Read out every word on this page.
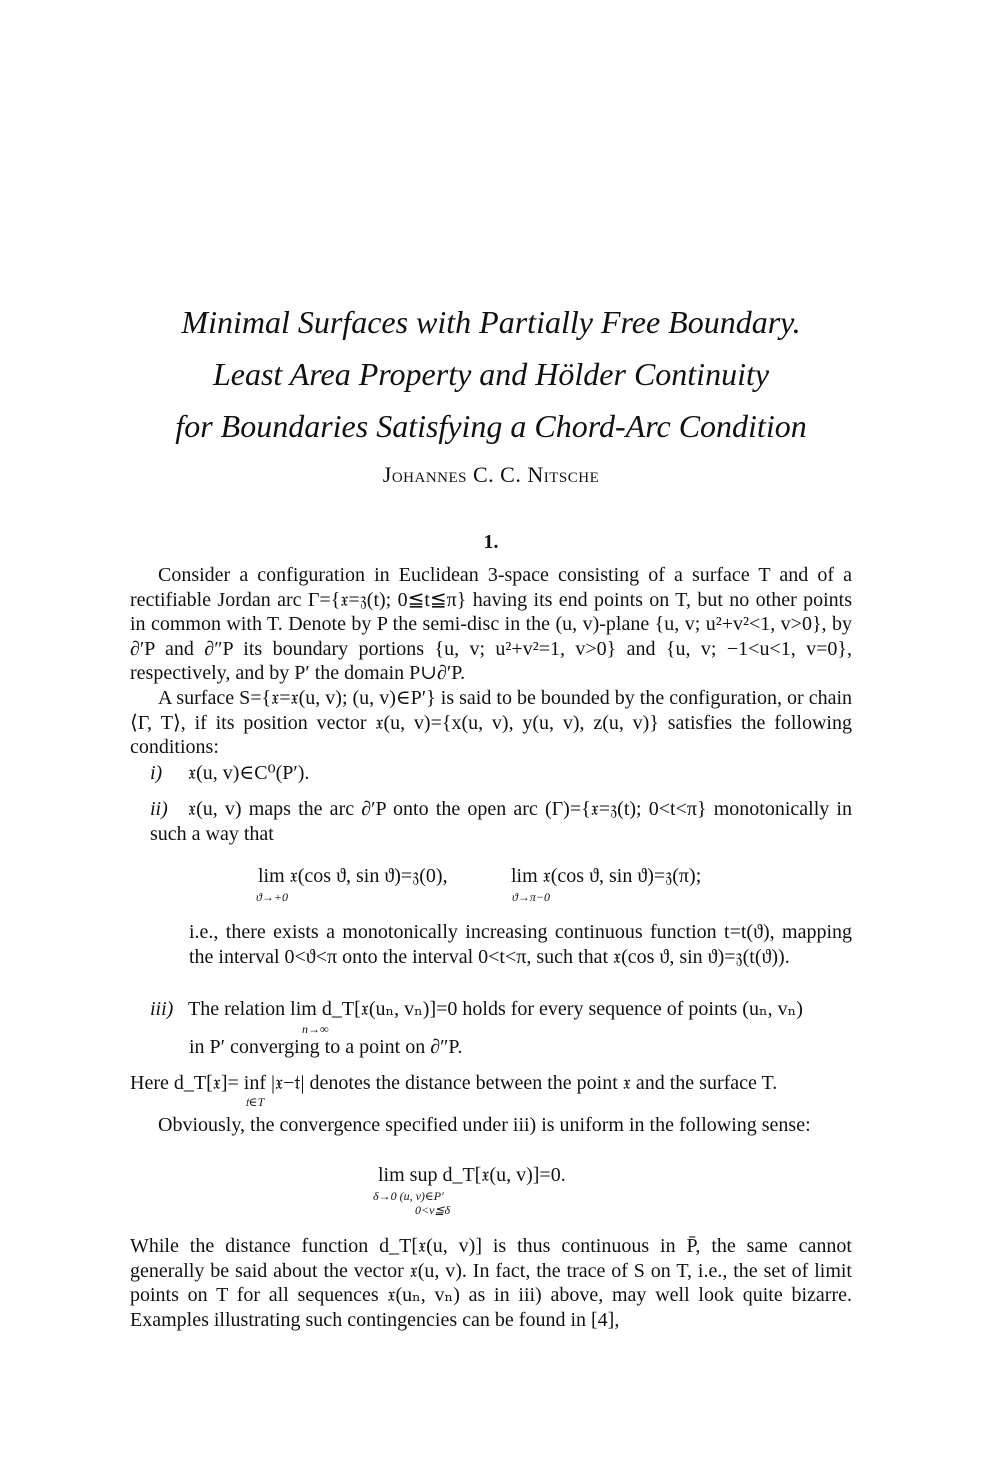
Minimal Surfaces with Partially Free Boundary.
Least Area Property and Hölder Continuity
for Boundaries Satisfying a Chord-Arc Condition
Johannes C. C. Nitsche
1.
Consider a configuration in Euclidean 3-space consisting of a surface T and of a rectifiable Jordan arc Γ={𝔵=𝔷(t); 0≦t≦π} having its end points on T, but no other points in common with T. Denote by P the semi-disc in the (u, v)-plane {u, v; u²+v²<1, v>0}, by ∂′P and ∂″P its boundary portions {u, v; u²+v²=1, v>0} and {u, v; −1<u<1, v=0}, respectively, and by P′ the domain P∪∂′P.
A surface S={𝔵=𝔵(u, v); (u, v)∈P′} is said to be bounded by the configuration, or chain ⟨Γ, T⟩, if its position vector 𝔵(u, v)={x(u, v), y(u, v), z(u, v)} satisfies the following conditions:
i) 𝔵(u, v)∈C⁰(P′).
ii) 𝔵(u, v) maps the arc ∂′P onto the open arc (Γ)={𝔵=𝔷(t); 0<t<π} monotonically in such a way that
lim 𝔵(cos ϑ, sin ϑ)=𝔷(0),
ϑ→+0
lim 𝔵(cos ϑ, sin ϑ)=𝔷(π);
ϑ→π−0
i.e., there exists a monotonically increasing continuous function t=t(ϑ), mapping the interval 0<ϑ<π onto the interval 0<t<π, such that 𝔵(cos ϑ, sin ϑ)=𝔷(t(ϑ)).
iii) The relation lim d_T[𝔵(uₙ, vₙ)]=0 holds for every sequence of points (uₙ, vₙ)
n→∞
in P′ converging to a point on ∂″P.
Here d_T[𝔵]= inf |𝔵−𝔱| denotes the distance between the point 𝔵 and the surface T.
𝔱∈T
Obviously, the convergence specified under iii) is uniform in the following sense:
lim sup d_T[𝔵(u, v)]=0.
δ→0 (u, v)∈P′
0<v≦δ
While the distance function d_T[𝔵(u, v)] is thus continuous in P̄, the same cannot generally be said about the vector 𝔵(u, v). In fact, the trace of S on T, i.e., the set of limit points on T for all sequences 𝔵(uₙ, vₙ) as in iii) above, may well look quite bizarre. Examples illustrating such contingencies can be found in [4],
